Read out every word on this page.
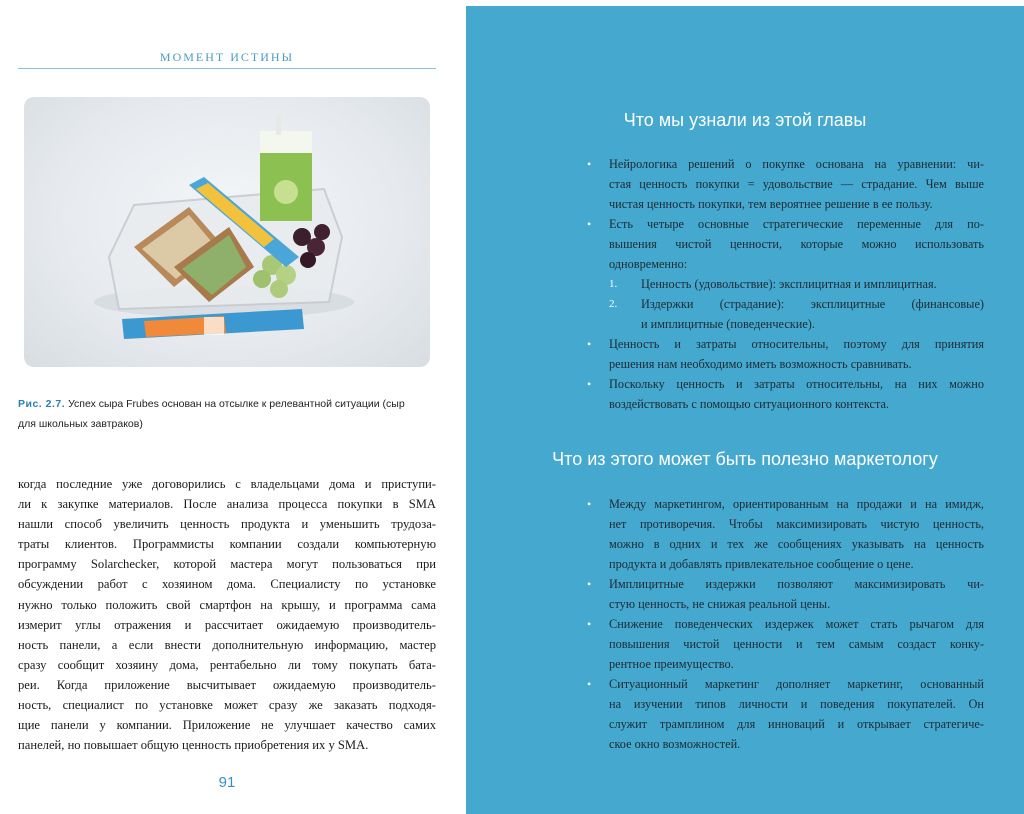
МОМЕНТ ИСТИНЫ
Рис. 2.7. Успех сыра Frubes основан на отсылке к релевантной ситуации (сыр
для школьных завтраков)
когда последние уже договорились с владельцами дома и приступи-
ли к закупке материалов. После анализа процесса покупки в SMA
нашли способ увеличить ценность продукта и уменьшить трудоза-
траты клиентов. Программисты компании создали компьютерную
программу Solarchecker, которой мастера могут пользоваться при
обсуждении работ с хозяином дома. Специалисту по установке
нужно только положить свой смартфон на крышу, и программа сама
измерит углы отражения и рассчитает ожидаемую производитель-
ность панели, а если внести дополнительную информацию, мастер
сразу сообщит хозяину дома, рентабельно ли тому покупать бата-
реи. Когда приложение высчитывает ожидаемую производитель-
ность, специалист по установке может сразу же заказать подходя-
щие панели у компании. Приложение не улучшает качество самих
панелей, но повышает общую ценность приобретения их у SMA.
91
Что мы узнали из этой главы
• Нейрологика решений о покупке основана на уравнении: чи-
стая ценность покупки = удовольствие — страдание. Чем выше
чистая ценность покупки, тем вероятнее решение в ее пользу.
• Есть четыре основные стратегические переменные для по-
вышения чистой ценности, которые можно использовать
одновременно:
1. Ценность (удовольствие): эксплицитная и имплицитная.
2. Издержки (страдание): эксплицитные (финансовые)
и имплицитные (поведенческие).
• Ценность и затраты относительны, поэтому для принятия
решения нам необходимо иметь возможность сравнивать.
• Поскольку ценность и затраты относительны, на них можно
воздействовать с помощью ситуационного контекста.
Что из этого может быть полезно маркетологу
• Между маркетингом, ориентированным на продажи и на имидж,
нет противоречия. Чтобы максимизировать чистую ценность,
можно в одних и тех же сообщениях указывать на ценность
продукта и добавлять привлекательное сообщение о цене.
• Имплицитные издержки позволяют максимизировать чи-
стую ценность, не снижая реальной цены.
• Снижение поведенческих издержек может стать рычагом для
повышения чистой ценности и тем самым создаст конку-
рентное преимущество.
• Ситуационный маркетинг дополняет маркетинг, основанный
на изучении типов личности и поведения покупателей. Он
служит трамплином для инноваций и открывает стратегиче-
ское окно возможностей.
